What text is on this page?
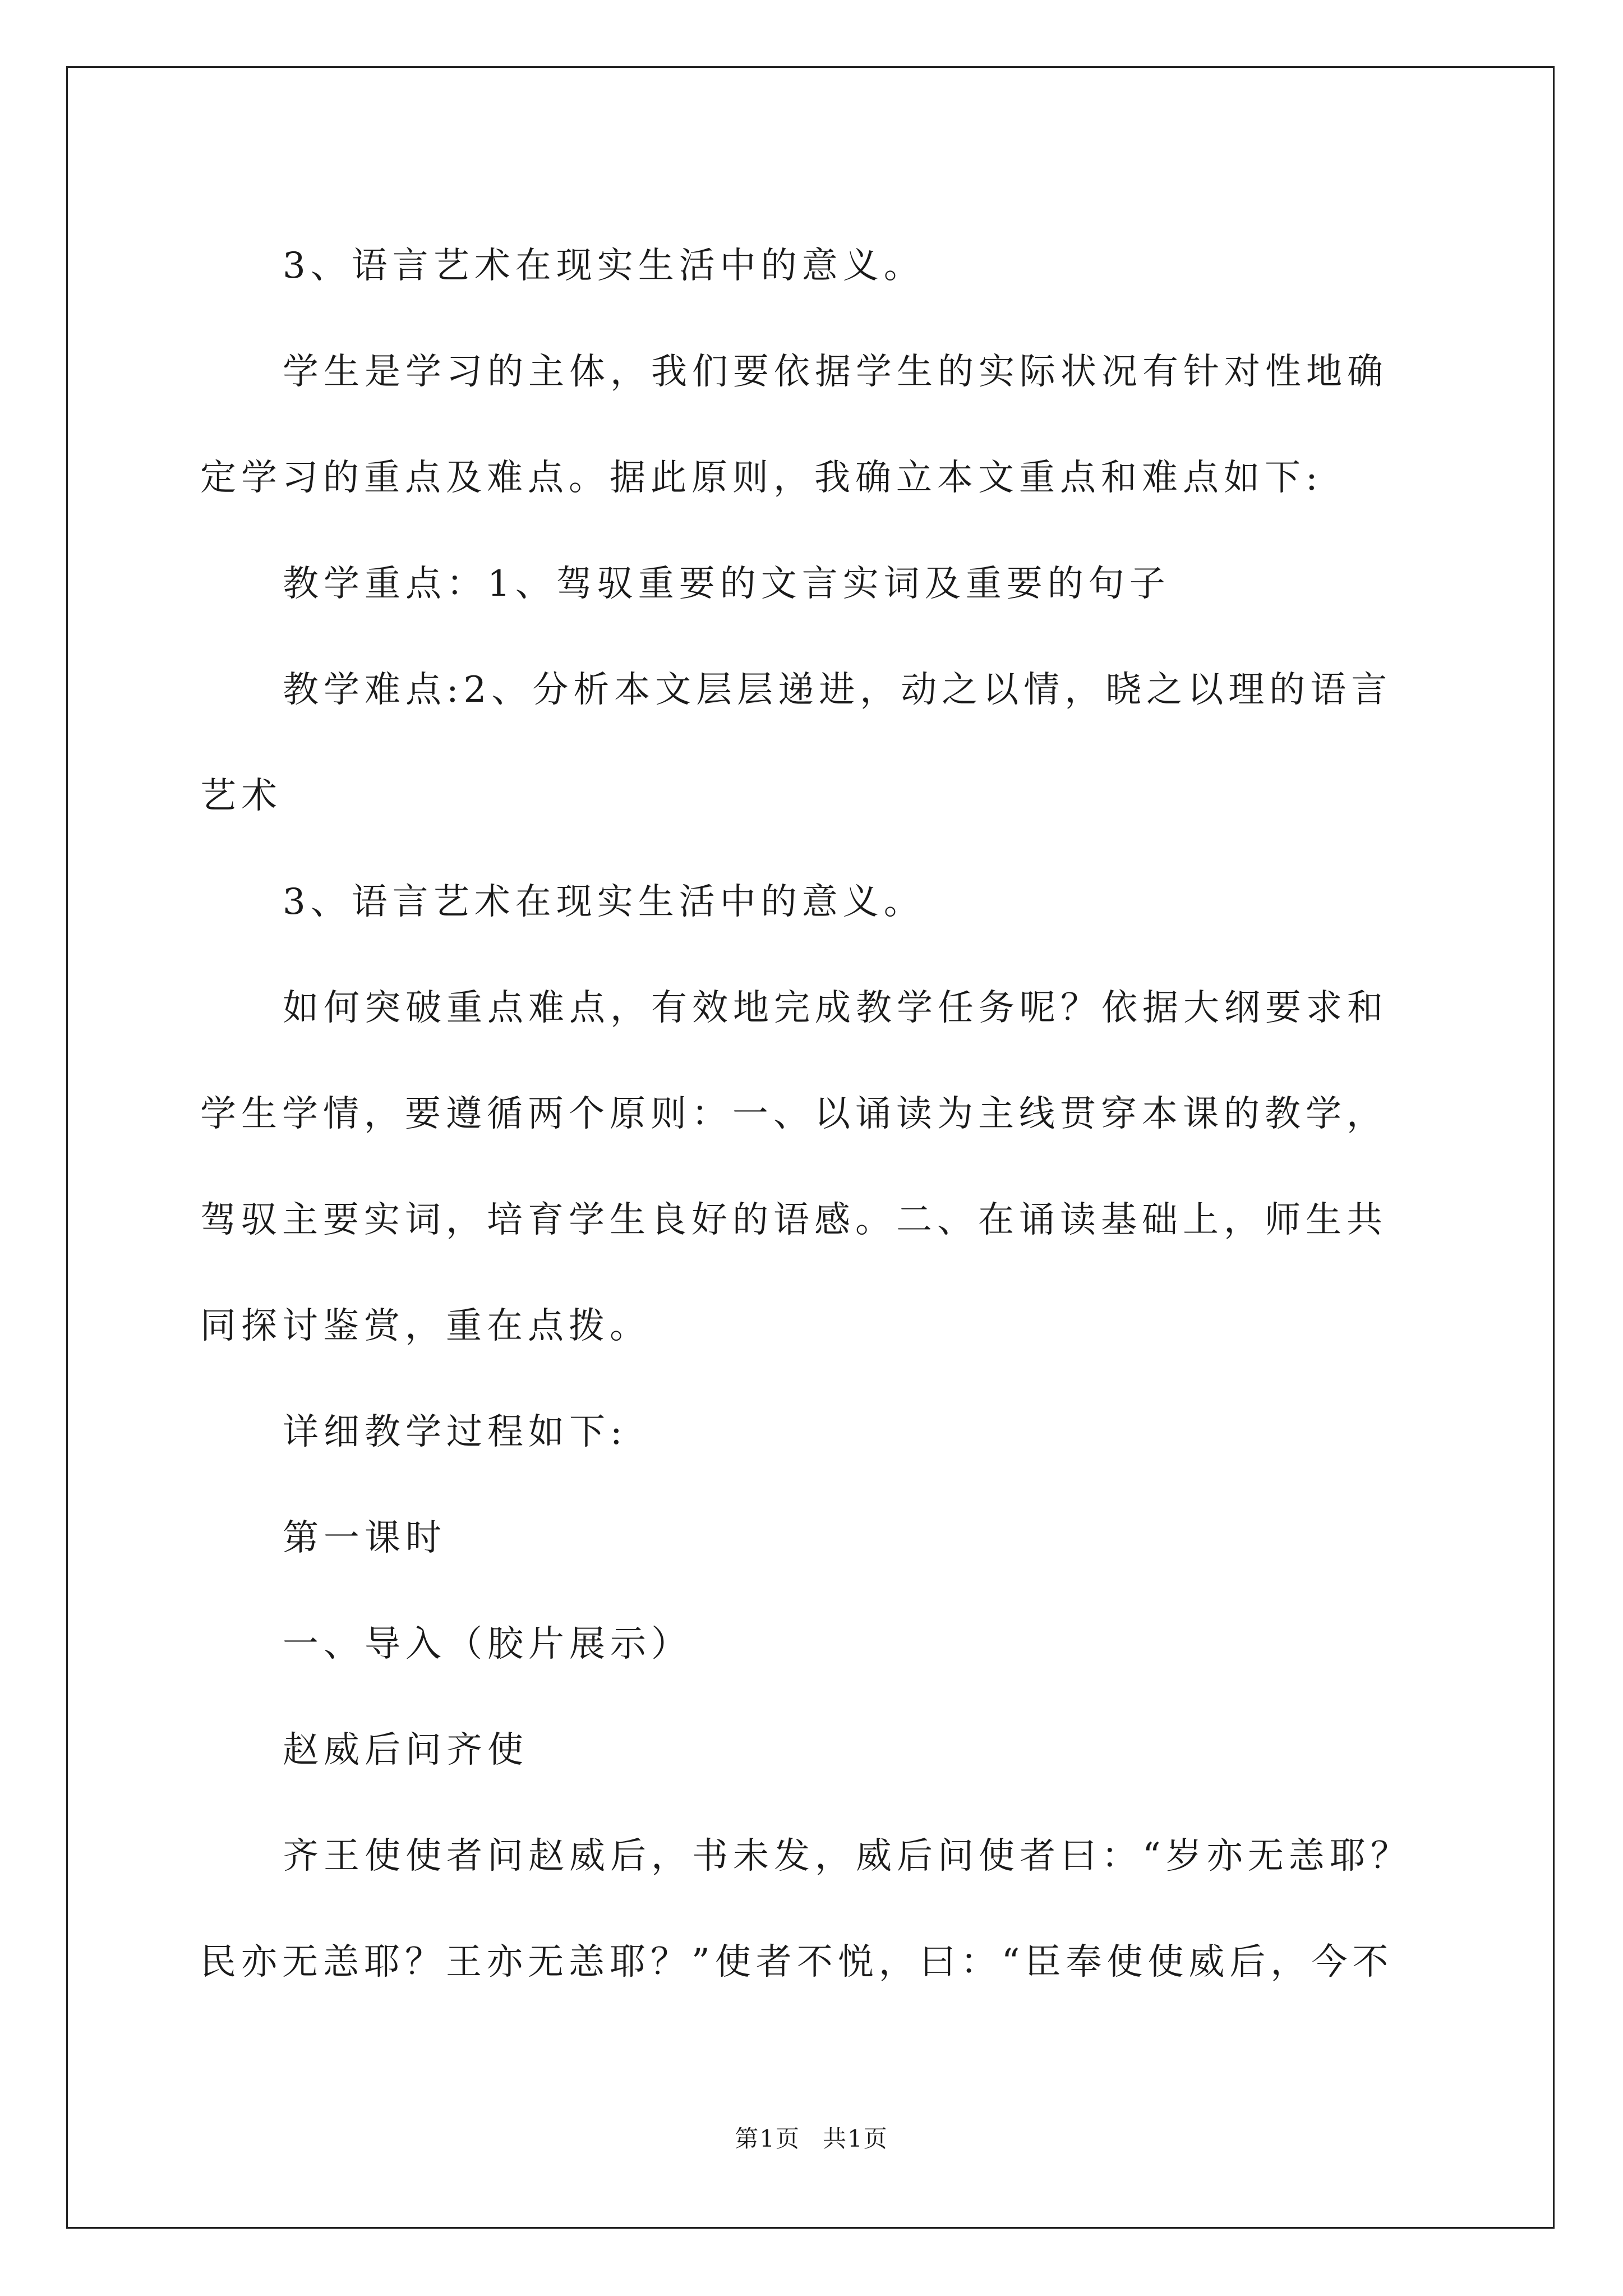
3、语言艺术在现实生活中的意义。

学生是学习的主体，我们要依据学生的实际状况有针对性地确定学习的重点及难点。据此原则，我确立本文重点和难点如下:

教学重点：1、驾驭重要的文言实词及重要的句子

教学难点:2、分析本文层层递进，动之以情，晓之以理的语言艺术

3、语言艺术在现实生活中的意义。

如何突破重点难点，有效地完成教学任务呢？依据大纲要求和学生学情，要遵循两个原则：一、以诵读为主线贯穿本课的教学，驾驭主要实词，培育学生良好的语感。二、在诵读基础上，师生共同探讨鉴赏，重在点拨。

详细教学过程如下:

第一课时

一、导入（胶片展示）

赵威后问齐使

齐王使使者问赵威后，书未发，威后问使者曰：“岁亦无恙耶？民亦无恙耶？王亦无恙耶？”使者不悦，曰：“臣奉使使威后，今不

第1页 共1页
